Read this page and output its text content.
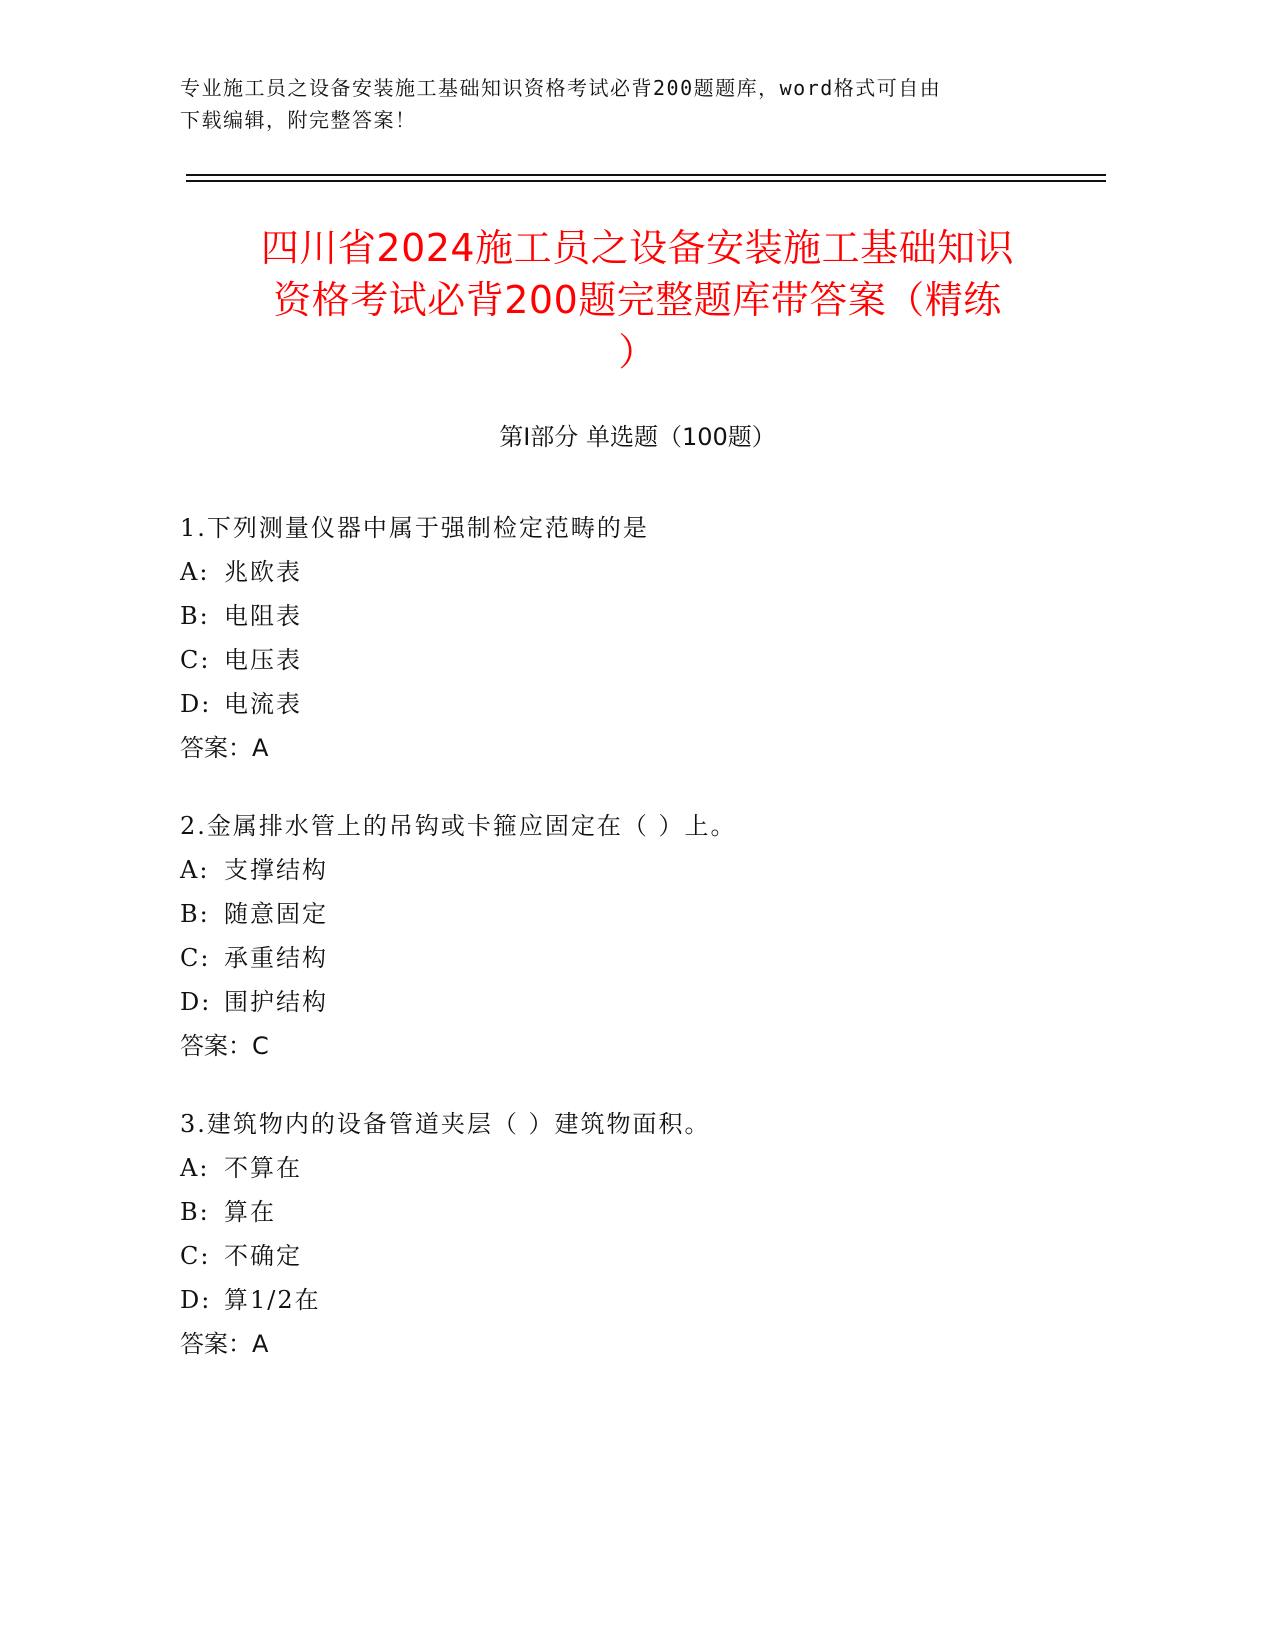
专业施工员之设备安装施工基础知识资格考试必背200题题库，word格式可自由
下载编辑，附完整答案！
四川省2024施工员之设备安装施工基础知识
资格考试必背200题完整题库带答案（精练
）
第I部分 单选题（100题）
1.下列测量仪器中属于强制检定范畴的是
A: 兆欧表
B: 电阻表
C: 电压表
D: 电流表
答案：A
2.金属排水管上的吊钩或卡箍应固定在（ ）上。
A: 支撑结构
B: 随意固定
C: 承重结构
D: 围护结构
答案：C
3.建筑物内的设备管道夹层（ ）建筑物面积。
A: 不算在
B: 算在
C: 不确定
D: 算1/2在
答案：A
